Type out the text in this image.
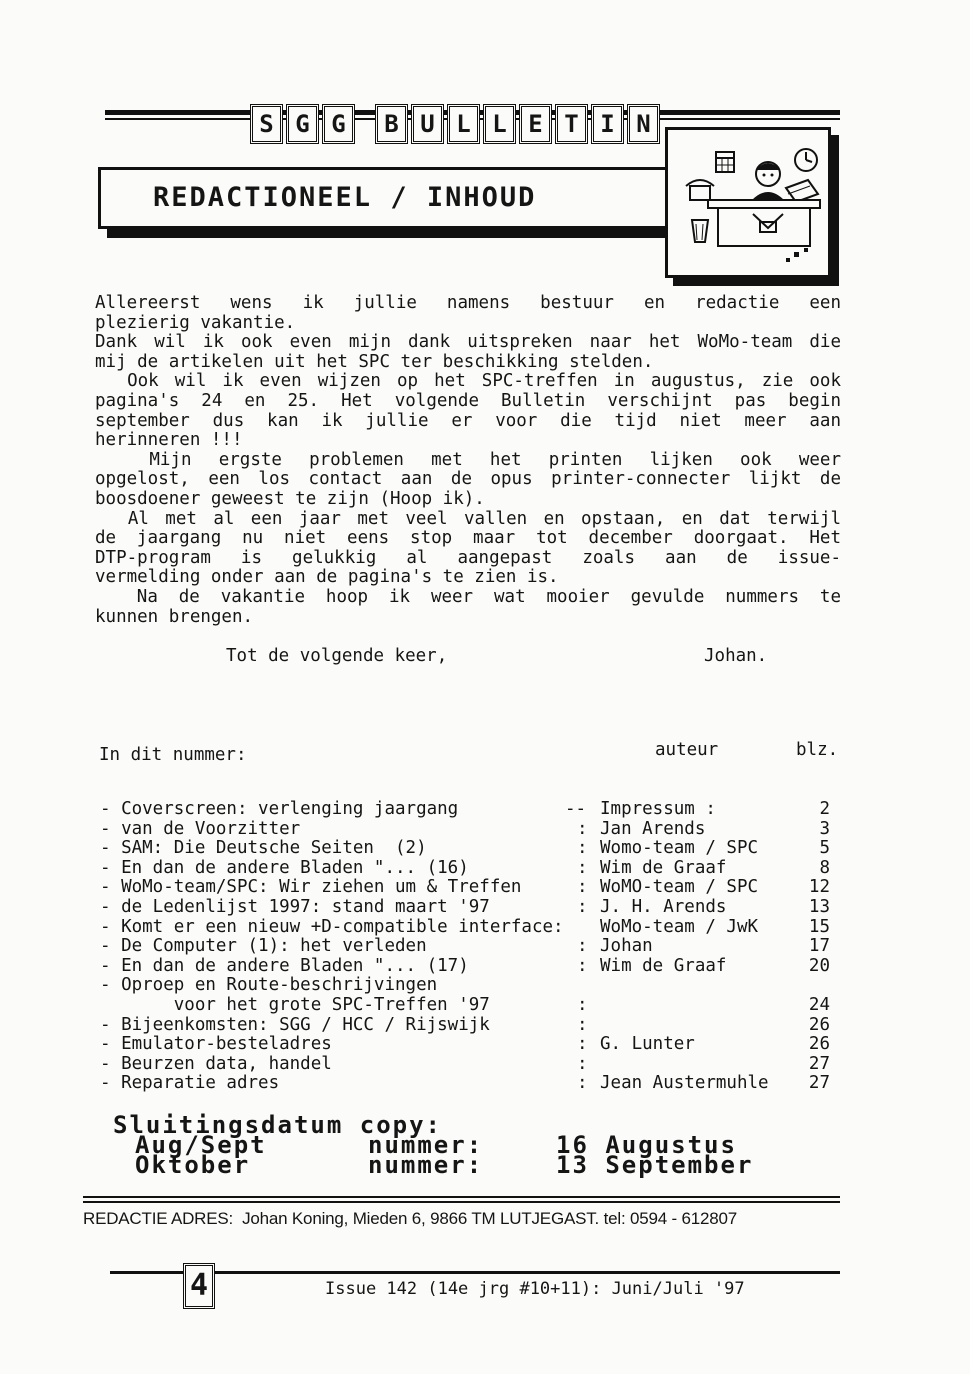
S G G	B U L L E T I N
REDACTIONEEL / INHOUD
Allereerst wens ik jullie namens bestuur en redactie een
plezierig vakantie.
Dank wil ik ook even mijn dank uitspreken naar het WoMo-team die
mij de artikelen uit het SPC ter beschikking stelden.
Ook wil ik even wijzen op het SPC-treffen in augustus, zie ook
pagina's 24 en 25. Het volgende Bulletin verschijnt pas begin
september dus kan ik jullie er voor die tijd niet meer aan
herinneren !!!
Mijn ergste problemen met het printen lijken ook weer
opgelost, een los contact aan de opus printer-connecter lijkt de
boosdoener geweest te zijn (Hoop ik).
Al met al een jaar met veel vallen en opstaan, en dat terwijl
de jaargang nu niet eens stop maar tot december doorgaat. Het
DTP-program is gelukkig al aangepast zoals aan de issue-
vermelding onder aan de pagina's te zien is.
Na de vakantie hoop ik weer wat mooier gevulde nummers te
kunnen brengen.
Tot de volgende keer,	Johan.
In dit nummer:	auteur	blz.
- Coverscreen: verlenging jaargang	-- Impressum :	2
- van de Voorzitter	: Jan Arends	3
- SAM: Die Deutsche Seiten  (2)	: Womo-team / SPC	5
- En dan de andere Bladen "... (16)	: Wim de Graaf	8
- WoMo-team/SPC: Wir ziehen um & Treffen	: WoMO-team / SPC	12
- de Ledenlijst 1997: stand maart '97	: J. H. Arends	13
- Komt er een nieuw +D-compatible interface: WoMo-team / JwK	15
- De Computer (1): het verleden	: Johan	17
- En dan de andere Bladen "... (17)	: Wim de Graaf	20
- Oproep en Route-beschrijvingen
voor het grote SPC-Treffen '97	:	24
- Bijeenkomsten: SGG / HCC / Rijswijk	:	26
- Emulator-besteladres	: G. Lunter	26
- Beurzen data, handel	:	27
- Reparatie adres	: Jean Austermuhle 27
Sluitingsdatum copy:
Aug/Sept	nummer:	16 Augustus
Oktober	nummer:	13 September
REDACTIE ADRES:  Johan Koning, Mieden 6, 9866 TM LUTJEGAST. tel: 0594 - 612807
4	Issue 142 (14e jrg #10+11): Juni/Juli '97
